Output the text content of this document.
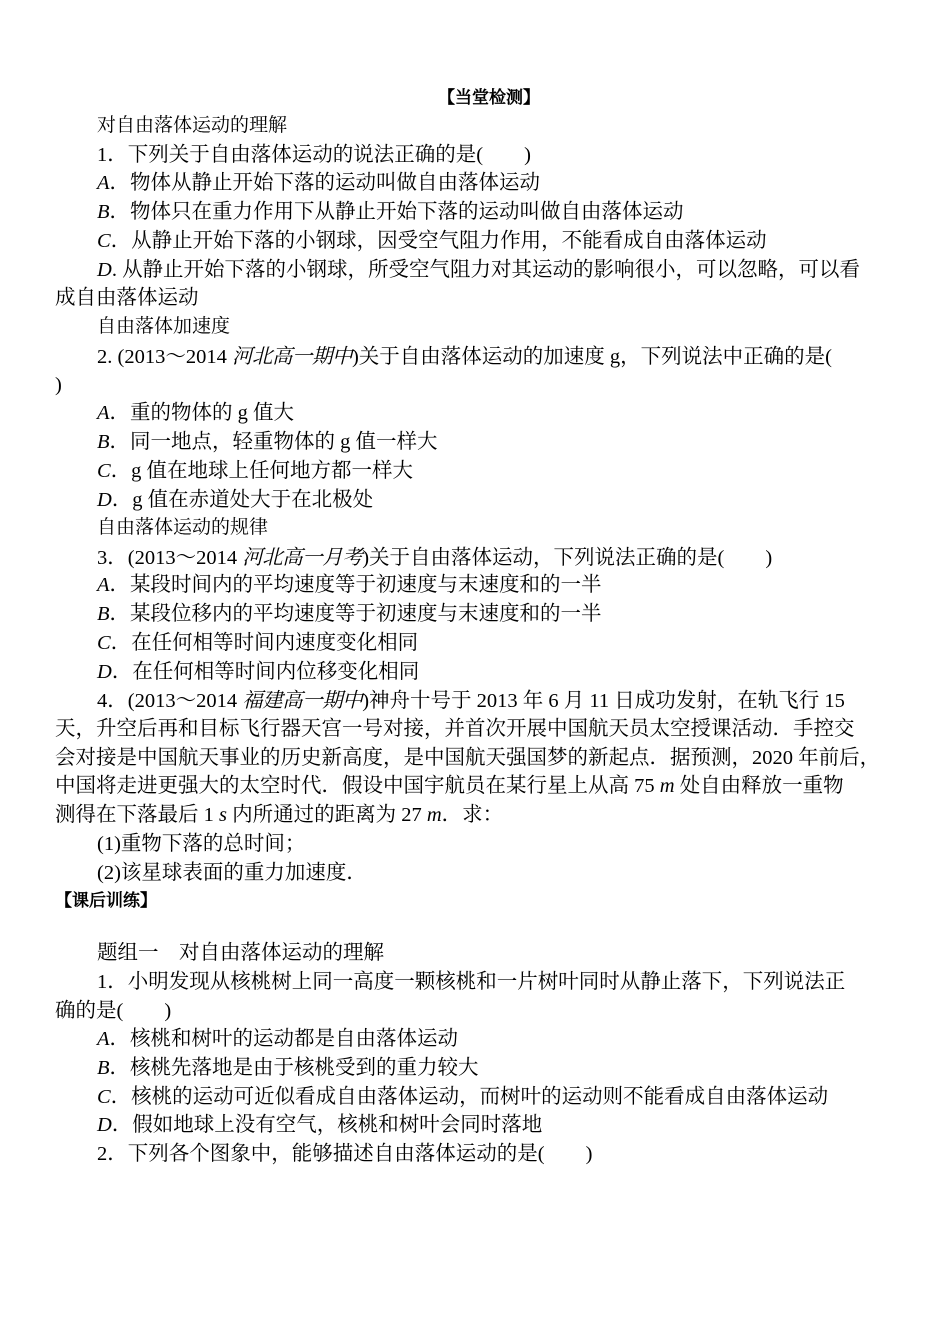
【当堂检测】
对自由落体运动的理解
1．下列关于自由落体运动的说法正确的是(　　)
A．物体从静止开始下落的运动叫做自由落体运动
B．物体只在重力作用下从静止开始下落的运动叫做自由落体运动
C．从静止开始下落的小钢球，因受空气阻力作用，不能看成自由落体运动
D. 从静止开始下落的小钢球，所受空气阻力对其运动的影响很小，可以忽略，可以看
成自由落体运动
自由落体加速度
2. (2013～2014 河北高一期中)关于自由落体运动的加速度 g，下列说法中正确的是(
)
A．重的物体的 g 值大
B．同一地点，轻重物体的 g 值一样大
C．g 值在地球上任何地方都一样大
D．g 值在赤道处大于在北极处
自由落体运动的规律
3．(2013～2014 河北高一月考)关于自由落体运动，下列说法正确的是(　　)
A．某段时间内的平均速度等于初速度与末速度和的一半
B．某段位移内的平均速度等于初速度与末速度和的一半
C．在任何相等时间内速度变化相同
D．在任何相等时间内位移变化相同
4．(2013～2014 福建高一期中)神舟十号于 2013 年 6 月 11 日成功发射，在轨飞行 15
天，升空后再和目标飞行器天宫一号对接，并首次开展中国航天员太空授课活动．手控交
会对接是中国航天事业的历史新高度，是中国航天强国梦的新起点．据预测，2020 年前后，
中国将走进更强大的太空时代．假设中国宇航员在某行星上从高 75 m 处自由释放一重物
测得在下落最后 1 s 内所通过的距离为 27 m．求：
(1)重物下落的总时间；
(2)该星球表面的重力加速度．
【课后训练】
题组一　对自由落体运动的理解
1．小明发现从核桃树上同一高度一颗核桃和一片树叶同时从静止落下，下列说法正
确的是(　　)
A．核桃和树叶的运动都是自由落体运动
B．核桃先落地是由于核桃受到的重力较大
C．核桃的运动可近似看成自由落体运动，而树叶的运动则不能看成自由落体运动
D．假如地球上没有空气，核桃和树叶会同时落地
2．下列各个图象中，能够描述自由落体运动的是(　　)
